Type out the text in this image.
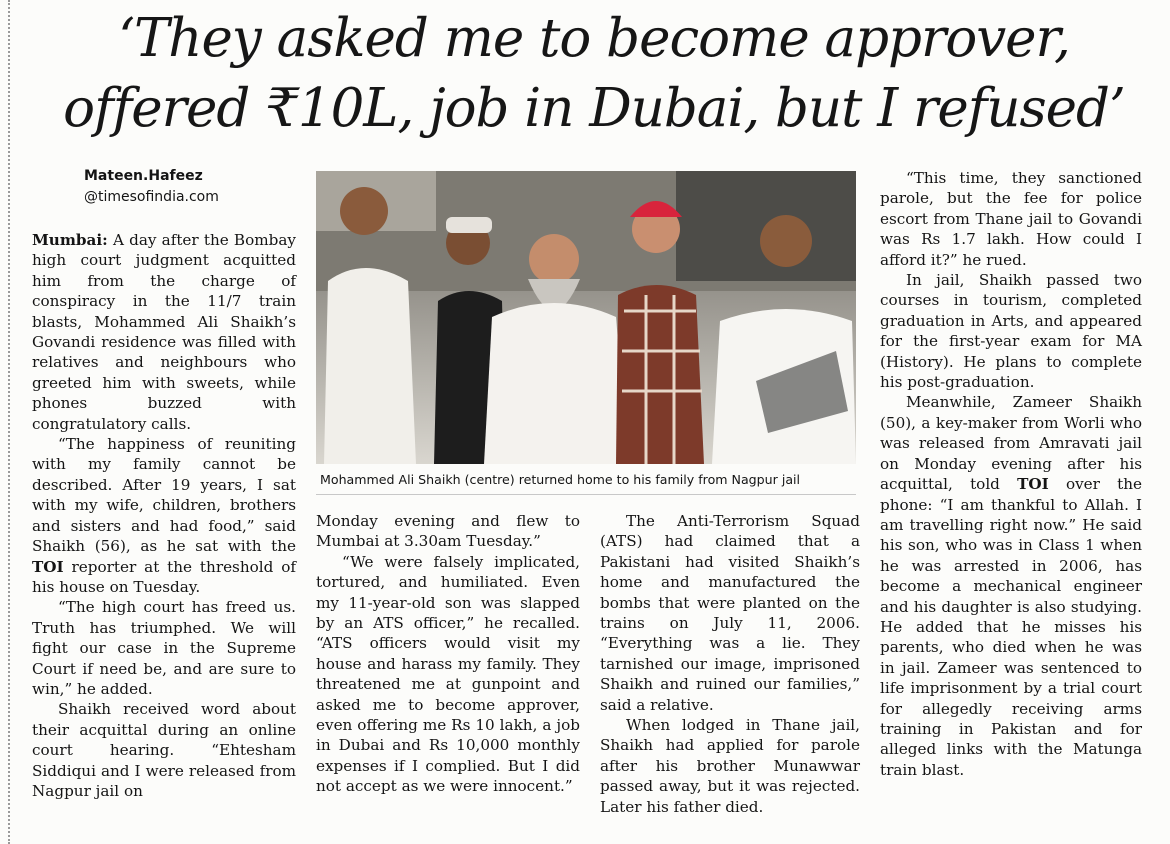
‘They asked me to become approver,
offered ₹10L, job in Dubai, but I refused’
Mateen.Hafeez
@timesofindia.com

Mumbai: A day after the Bombay high court judgment acquitted him from the charge of conspiracy in the 11/7 train blasts, Mohammed Ali Shaikh’s Govandi residence was filled with relatives and neighbours who greeted him with sweets, while phones buzzed with congratulatory calls.

“The happiness of reuniting with my family cannot be described. After 19 years, I sat with my wife, children, brothers and sisters and had food,” said Shaikh (56), as he sat with the TOI reporter at the threshold of his house on Tuesday.

“The high court has freed us. Truth has triumphed. We will fight our case in the Supreme Court if need be, and are sure to win,” he added.

Shaikh received word about their acquittal during an online court hearing. “Ehtesham Siddiqui and I were released from Nagpur jail on

Mohammed Ali Shaikh (centre) returned home to his family from Nagpur jail

Monday evening and flew to Mumbai at 3.30am Tuesday.”

“We were falsely implicated, tortured, and humiliated. Even my 11-year-old son was slapped by an ATS officer,” he recalled. “ATS officers would visit my house and harass my family. They threatened me at gunpoint and asked me to become approver, even offering me Rs 10 lakh, a job in Dubai and Rs 10,000 monthly expenses if I complied. But I did not accept as we were innocent.”

The Anti-Terrorism Squad (ATS) had claimed that a Pakistani had visited Shaikh’s home and manufactured the bombs that were planted on the trains on July 11, 2006. “Everything was a lie. They tarnished our image, imprisoned Shaikh and ruined our families,” said a relative.

When lodged in Thane jail, Shaikh had applied for parole after his brother Munawwar passed away, but it was rejected. Later his father died.

“This time, they sanctioned parole, but the fee for police escort from Thane jail to Govandi was Rs 1.7 lakh. How could I afford it?” he rued.

In jail, Shaikh passed two courses in tourism, completed graduation in Arts, and appeared for the first-year exam for MA (History). He plans to complete his post-graduation.

Meanwhile, Zameer Shaikh (50), a key-maker from Worli who was released from Amravati jail on Monday evening after his acquittal, told TOI over the phone: “I am thankful to Allah. I am travelling right now.” He said his son, who was in Class 1 when he was arrested in 2006, has become a mechanical engineer and his daughter is also studying. He added that he misses his parents, who died when he was in jail. Zameer was sentenced to life imprisonment by a trial court for allegedly receiving arms training in Pakistan and for alleged links with the Matunga train blast.
